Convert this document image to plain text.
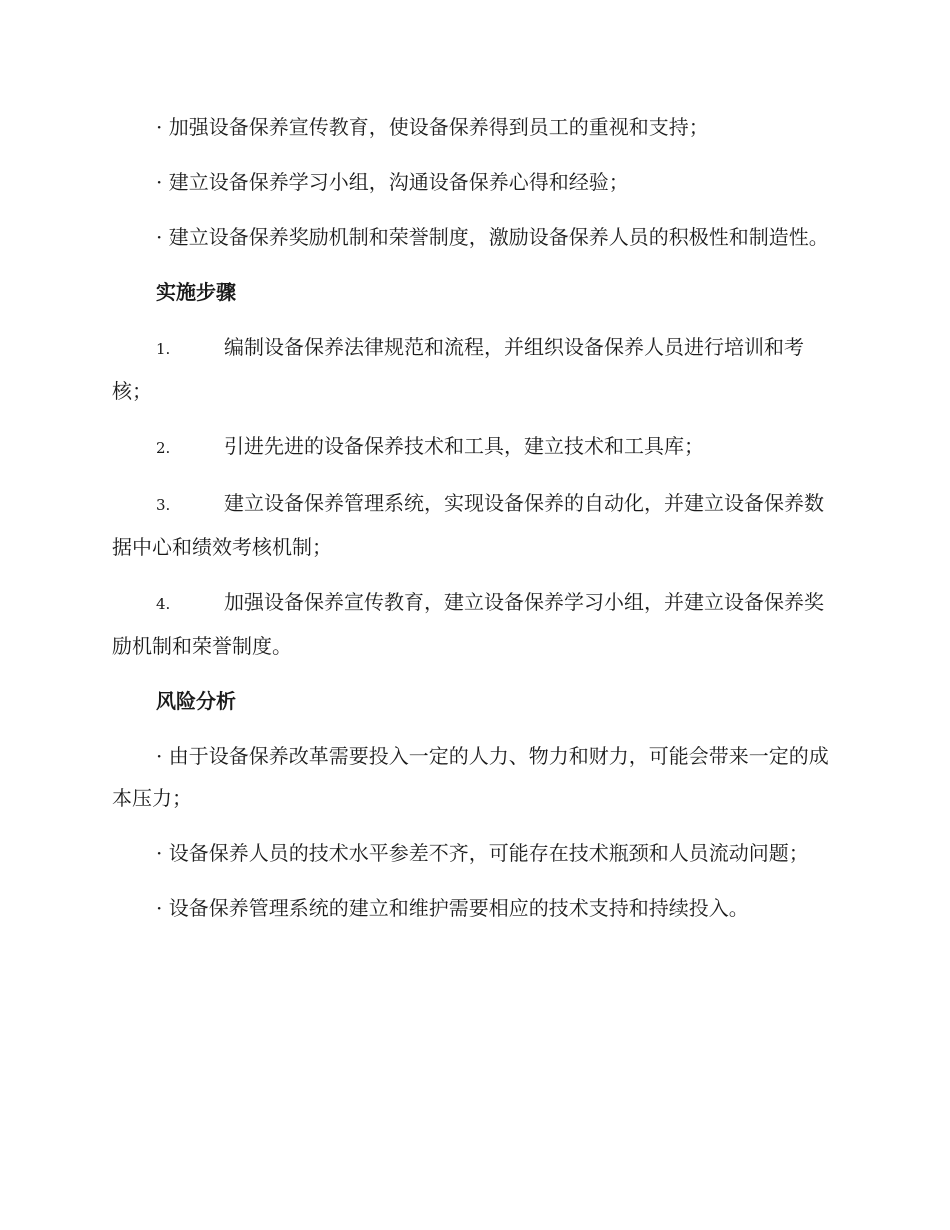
· 加强设备保养宣传教育，使设备保养得到员工的重视和支持；

· 建立设备保养学习小组，沟通设备保养心得和经验；

· 建立设备保养奖励机制和荣誉制度，激励设备保养人员的积极性和制造性。

实施步骤

1.	编制设备保养法律规范和流程，并组织设备保养人员进行培训和考核；

2.	引进先进的设备保养技术和工具，建立技术和工具库；

3.	建立设备保养管理系统，实现设备保养的自动化，并建立设备保养数据中心和绩效考核机制；

4.	加强设备保养宣传教育，建立设备保养学习小组，并建立设备保养奖励机制和荣誉制度。

风险分析

· 由于设备保养改革需要投入一定的人力、物力和财力，可能会带来一定的成本压力；

· 设备保养人员的技术水平参差不齐，可能存在技术瓶颈和人员流动问题；

· 设备保养管理系统的建立和维护需要相应的技术支持和持续投入。
